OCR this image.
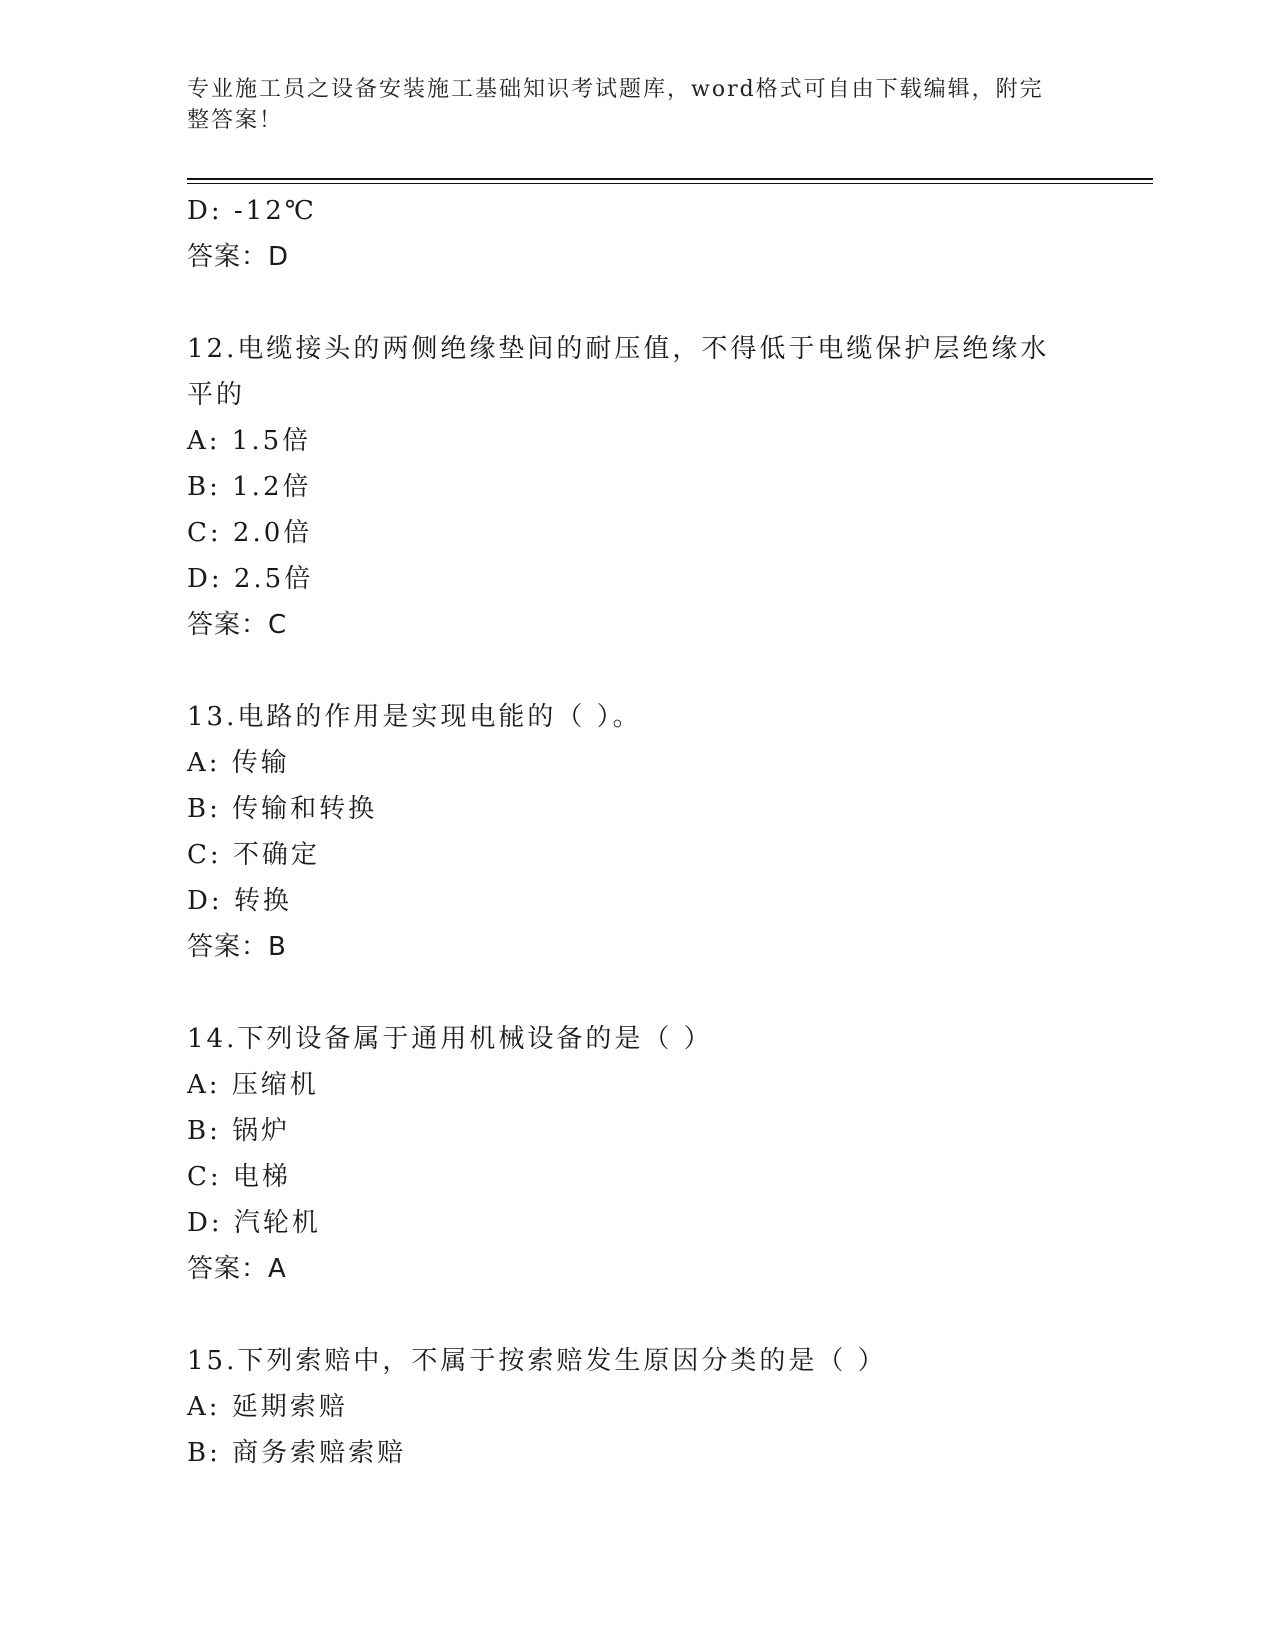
专业施工员之设备安装施工基础知识考试题库，word格式可自由下载编辑，附完整答案！
D: -12℃
答案：D
12.电缆接头的两侧绝缘垫间的耐压值，不得低于电缆保护层绝缘水平的
A: 1.5倍
B: 1.2倍
C: 2.0倍
D: 2.5倍
答案：C
13.电路的作用是实现电能的（ ）。
A: 传输
B: 传输和转换
C: 不确定
D: 转换
答案：B
14.下列设备属于通用机械设备的是（ ）
A: 压缩机
B: 锅炉
C: 电梯
D: 汽轮机
答案：A
15.下列索赔中，不属于按索赔发生原因分类的是（ ）
A: 延期索赔
B: 商务索赔索赔
